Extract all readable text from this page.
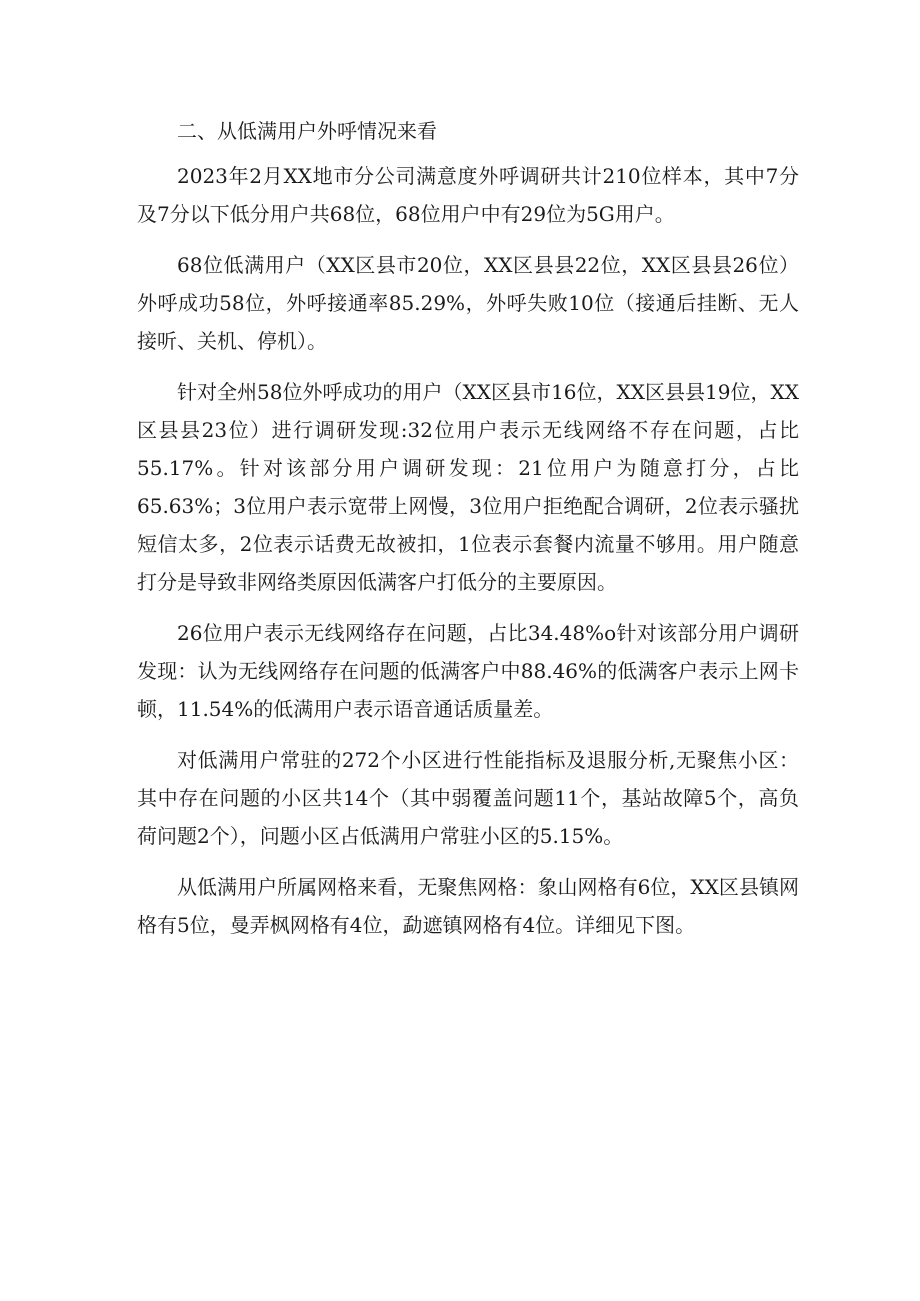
二、从低满用户外呼情况来看

2023年2月XX地市分公司满意度外呼调研共计210位样本，其中7分及7分以下低分用户共68位，68位用户中有29位为5G用户。

68位低满用户（XX区县市20位，XX区县县22位，XX区县县26位）外呼成功58位，外呼接通率85.29%，外呼失败10位（接通后挂断、无人接听、关机、停机）。

针对全州58位外呼成功的用户（XX区县市16位，XX区县县19位，XX区县县23位）进行调研发现:32位用户表示无线网络不存在问题，占比55.17%。针对该部分用户调研发现：21位用户为随意打分，占比65.63%；3位用户表示宽带上网慢，3位用户拒绝配合调研，2位表示骚扰短信太多，2位表示话费无故被扣，1位表示套餐内流量不够用。用户随意打分是导致非网络类原因低满客户打低分的主要原因。

26位用户表示无线网络存在问题，占比34.48%o针对该部分用户调研发现：认为无线网络存在问题的低满客户中88.46%的低满客户表示上网卡顿，11.54%的低满用户表示语音通话质量差。

对低满用户常驻的272个小区进行性能指标及退服分析,无聚焦小区：其中存在问题的小区共14个（其中弱覆盖问题11个，基站故障5个，高负荷问题2个），问题小区占低满用户常驻小区的5.15%。

从低满用户所属网格来看，无聚焦网格：象山网格有6位，XX区县镇网格有5位，曼弄枫网格有4位，勐遮镇网格有4位。详细见下图。
